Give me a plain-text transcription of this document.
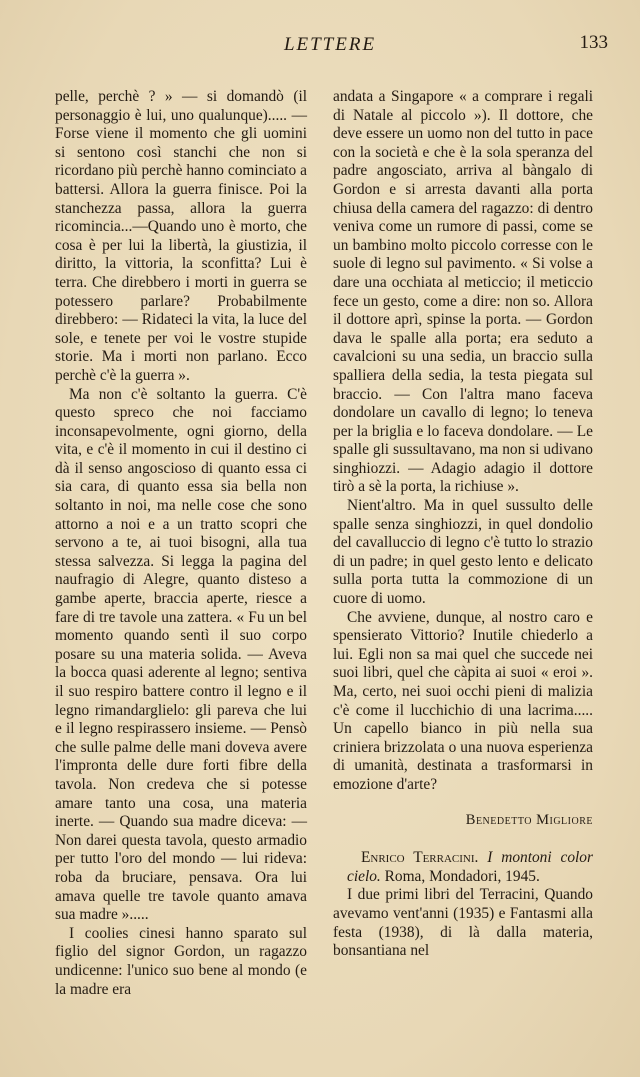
LETTERE	133

pelle, perchè ? » — si domandò (il personaggio è lui, uno qualunque)..... — Forse viene il momento che gli uomini si sentono così stanchi che non si ricordano più perchè hanno cominciato a battersi. Allora la guerra finisce. Poi la stanchezza passa, allora la guerra ricomincia...—Quando uno è morto, che cosa è per lui la libertà, la giustizia, il diritto, la vittoria, la sconfitta? Lui è terra. Che direbbero i morti in guerra se potessero parlare? Probabilmente direbbero: — Ridateci la vita, la luce del sole, e tenete per voi le vostre stupide storie. Ma i morti non parlano. Ecco perchè c'è la guerra ».

Ma non c'è soltanto la guerra. C'è questo spreco che noi facciamo inconsapevolmente, ogni giorno, della vita, e c'è il momento in cui il destino ci dà il senso angoscioso di quanto essa ci sia cara, di quanto essa sia bella non soltanto in noi, ma nelle cose che sono attorno a noi e a un tratto scopri che servono a te, ai tuoi bisogni, alla tua stessa salvezza. Si legga la pagina del naufragio di Alegre, quanto disteso a gambe aperte, braccia aperte, riesce a fare di tre tavole una zattera. « Fu un bel momento quando sentì il suo corpo posare su una materia solida. — Aveva la bocca quasi aderente al legno; sentiva il suo respiro battere contro il legno e il legno rimandarglielo: gli pareva che lui e il legno respirassero insieme. — Pensò che sulle palme delle mani doveva avere l'impronta delle dure forti fibre della tavola. Non credeva che si potesse amare tanto una cosa, una materia inerte. — Quando sua madre diceva: — Non darei questa tavola, questo armadio per tutto l'oro del mondo — lui rideva: roba da bruciare, pensava. Ora lui amava quelle tre tavole quanto amava sua madre ».....

I coolies cinesi hanno sparato sul figlio del signor Gordon, un ragazzo undicenne: l'unico suo bene al mondo (e la madre era

andata a Singapore « a comprare i regali di Natale al piccolo »). Il dottore, che deve essere un uomo non del tutto in pace con la società e che è la sola speranza del padre angosciato, arriva al bàngalo di Gordon e si arresta davanti alla porta chiusa della camera del ragazzo: di dentro veniva come un rumore di passi, come se un bambino molto piccolo corresse con le suole di legno sul pavimento. « Si volse a dare una occhiata al meticcio; il meticcio fece un gesto, come a dire: non so. Allora il dottore aprì, spinse la porta. — Gordon dava le spalle alla porta; era seduto a cavalcioni su una sedia, un braccio sulla spalliera della sedia, la testa piegata sul braccio. — Con l'altra mano faceva dondolare un cavallo di legno; lo teneva per la briglia e lo faceva dondolare. — Le spalle gli sussultavano, ma non si udivano singhiozzi. — Adagio adagio il dottore tirò a sè la porta, la richiuse ».

Nient'altro. Ma in quel sussulto delle spalle senza singhiozzi, in quel dondolio del cavalluccio di legno c'è tutto lo strazio di un padre; in quel gesto lento e delicato sulla porta tutta la commozione di un cuore di uomo.

Che avviene, dunque, al nostro caro e spensierato Vittorio? Inutile chiederlo a lui. Egli non sa mai quel che succede nei suoi libri, quel che càpita ai suoi « eroi ». Ma, certo, nei suoi occhi pieni di malizia c'è come il lucchichio di una lacrima..... Un capello bianco in più nella sua criniera brizzolata o una nuova esperienza di umanità, destinata a trasformarsi in emozione d'arte?

Benedetto Migliore

Enrico Terracini. I montoni color cielo. Roma, Mondadori, 1945.

I due primi libri del Terracini, Quando avevamo vent'anni (1935) e Fantasmi alla festa (1938), di là dalla materia, bonsantiana nel
